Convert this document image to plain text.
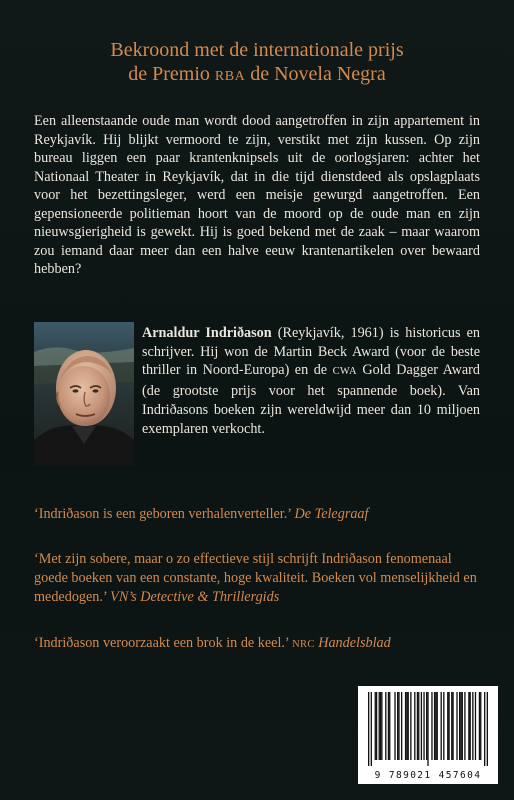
Bekroond met de internationale prijs
de Premio RBA de Novela Negra

Een alleenstaande oude man wordt dood aangetroffen in zijn appartement in Reykjavík. Hij blijkt vermoord te zijn, verstikt met zijn kussen. Op zijn bureau liggen een paar krantenknipsels uit de oorlogsjaren: achter het Nationaal Theater in Reykjavík, dat in die tijd dienstdeed als opslagplaats voor het bezettingsleger, werd een meisje gewurgd aangetroffen. Een gepensioneerde politieman hoort van de moord op de oude man en zijn nieuwsgierigheid is gewekt. Hij is goed bekend met de zaak – maar waarom zou iemand daar meer dan een halve eeuw krantenartikelen over bewaard hebben?

Arnaldur Indriðason (Reykjavík, 1961) is historicus en schrijver. Hij won de Martin Beck Award (voor de beste thriller in Noord-Europa) en de CWA Gold Dagger Award (de grootste prijs voor het spannende boek). Van Indriðasons boeken zijn wereldwijd meer dan 10 miljoen exemplaren verkocht.

‘Indriðason is een geboren verhalenverteller.’ De Telegraaf

‘Met zijn sobere, maar o zo effectieve stijl schrijft Indriðason fenomenaal goede boeken van een constante, hoge kwaliteit. Boeken vol menselijkheid en mededogen.’ VN’s Detective & Thrillergids

‘Indriðason veroorzaakt een brok in de keel.’ NRC Handelsblad

9 789021 457604
